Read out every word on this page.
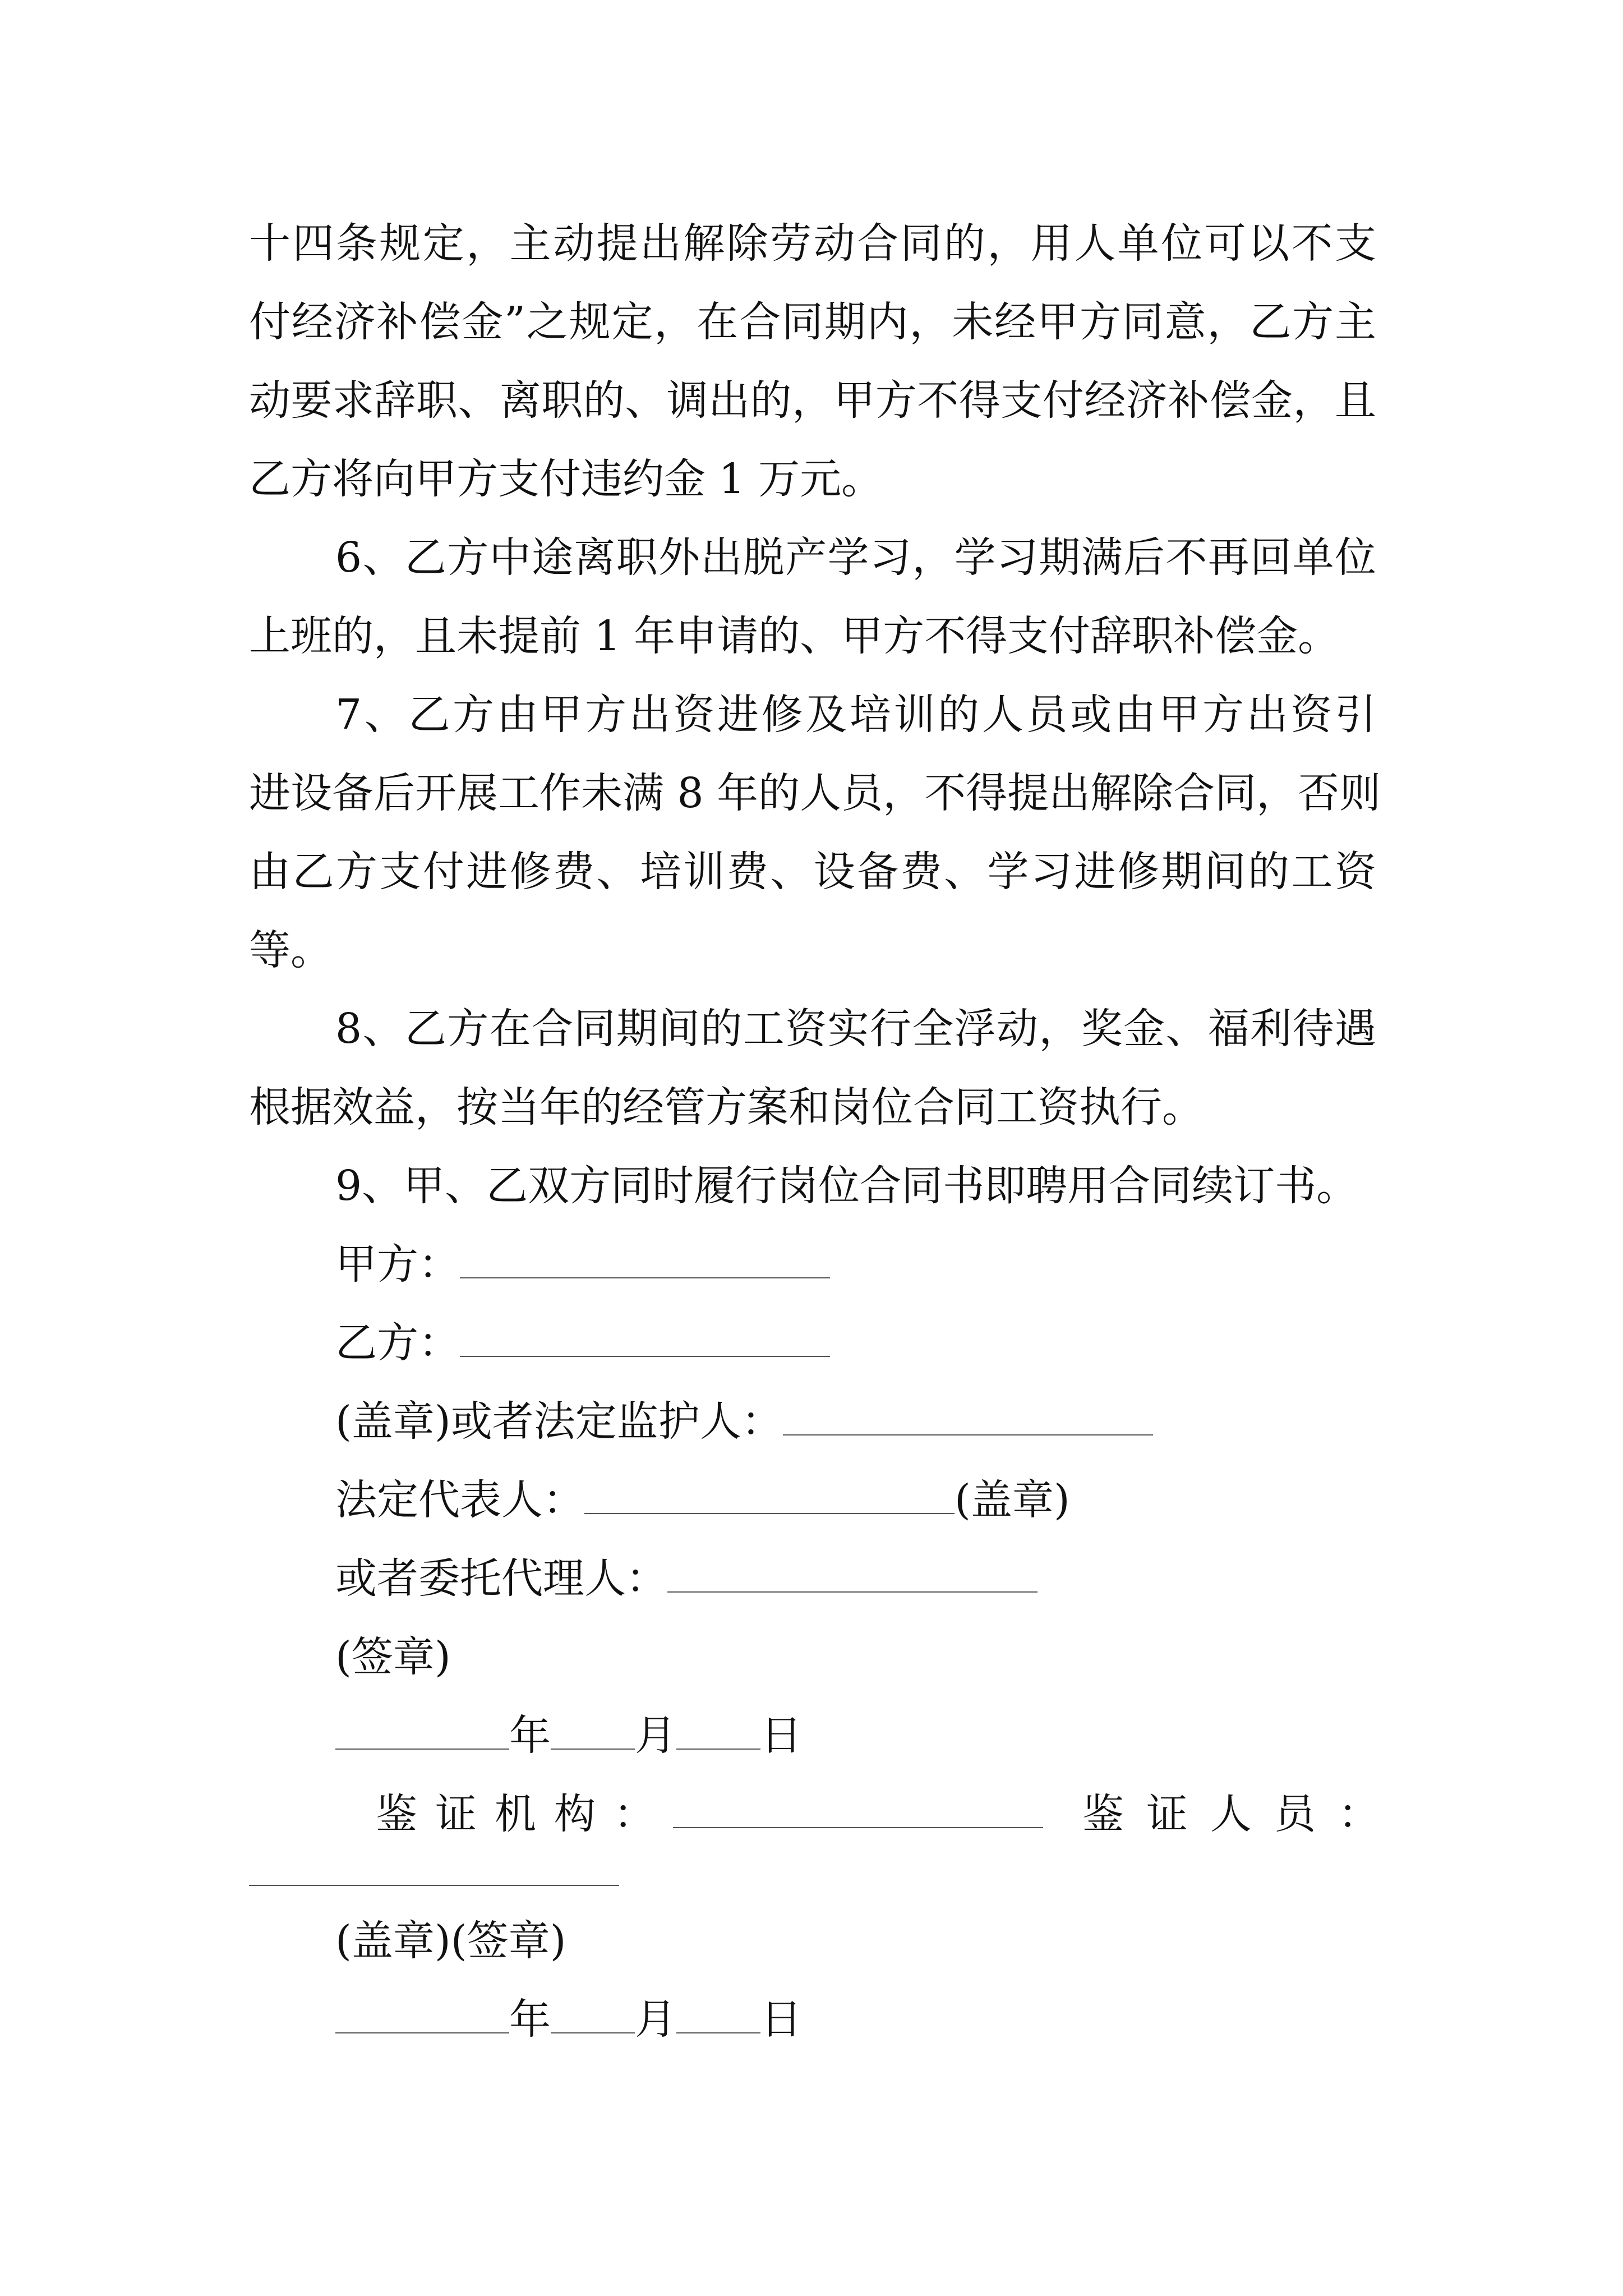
十四条规定，主动提出解除劳动合同的，用人单位可以不支

付经济补偿金”之规定，在合同期内，未经甲方同意，乙方主

动要求辞职、离职的、调出的，甲方不得支付经济补偿金，且

乙方将向甲方支付违约金 1 万元。

6、乙方中途离职外出脱产学习，学习期满后不再回单位

上班的，且未提前 1 年申请的、甲方不得支付辞职补偿金。

7、乙方由甲方出资进修及培训的人员或由甲方出资引

进设备后开展工作未满 8 年的人员，不得提出解除合同，否则

由乙方支付进修费、培训费、设备费、学习进修期间的工资

等。

8、乙方在合同期间的工资实行全浮动，奖金、福利待遇

根据效益，按当年的经管方案和岗位合同工资执行。

9、甲、乙双方同时履行岗位合同书即聘用合同续订书。

甲方：
乙方：
(盖章)或者法定监护人：
法定代表人：	(盖章)
或者委托代理人：
(签章)
年 月 日
鉴证机构：	鉴证人员：
(盖章)(签章)
年 月 日
